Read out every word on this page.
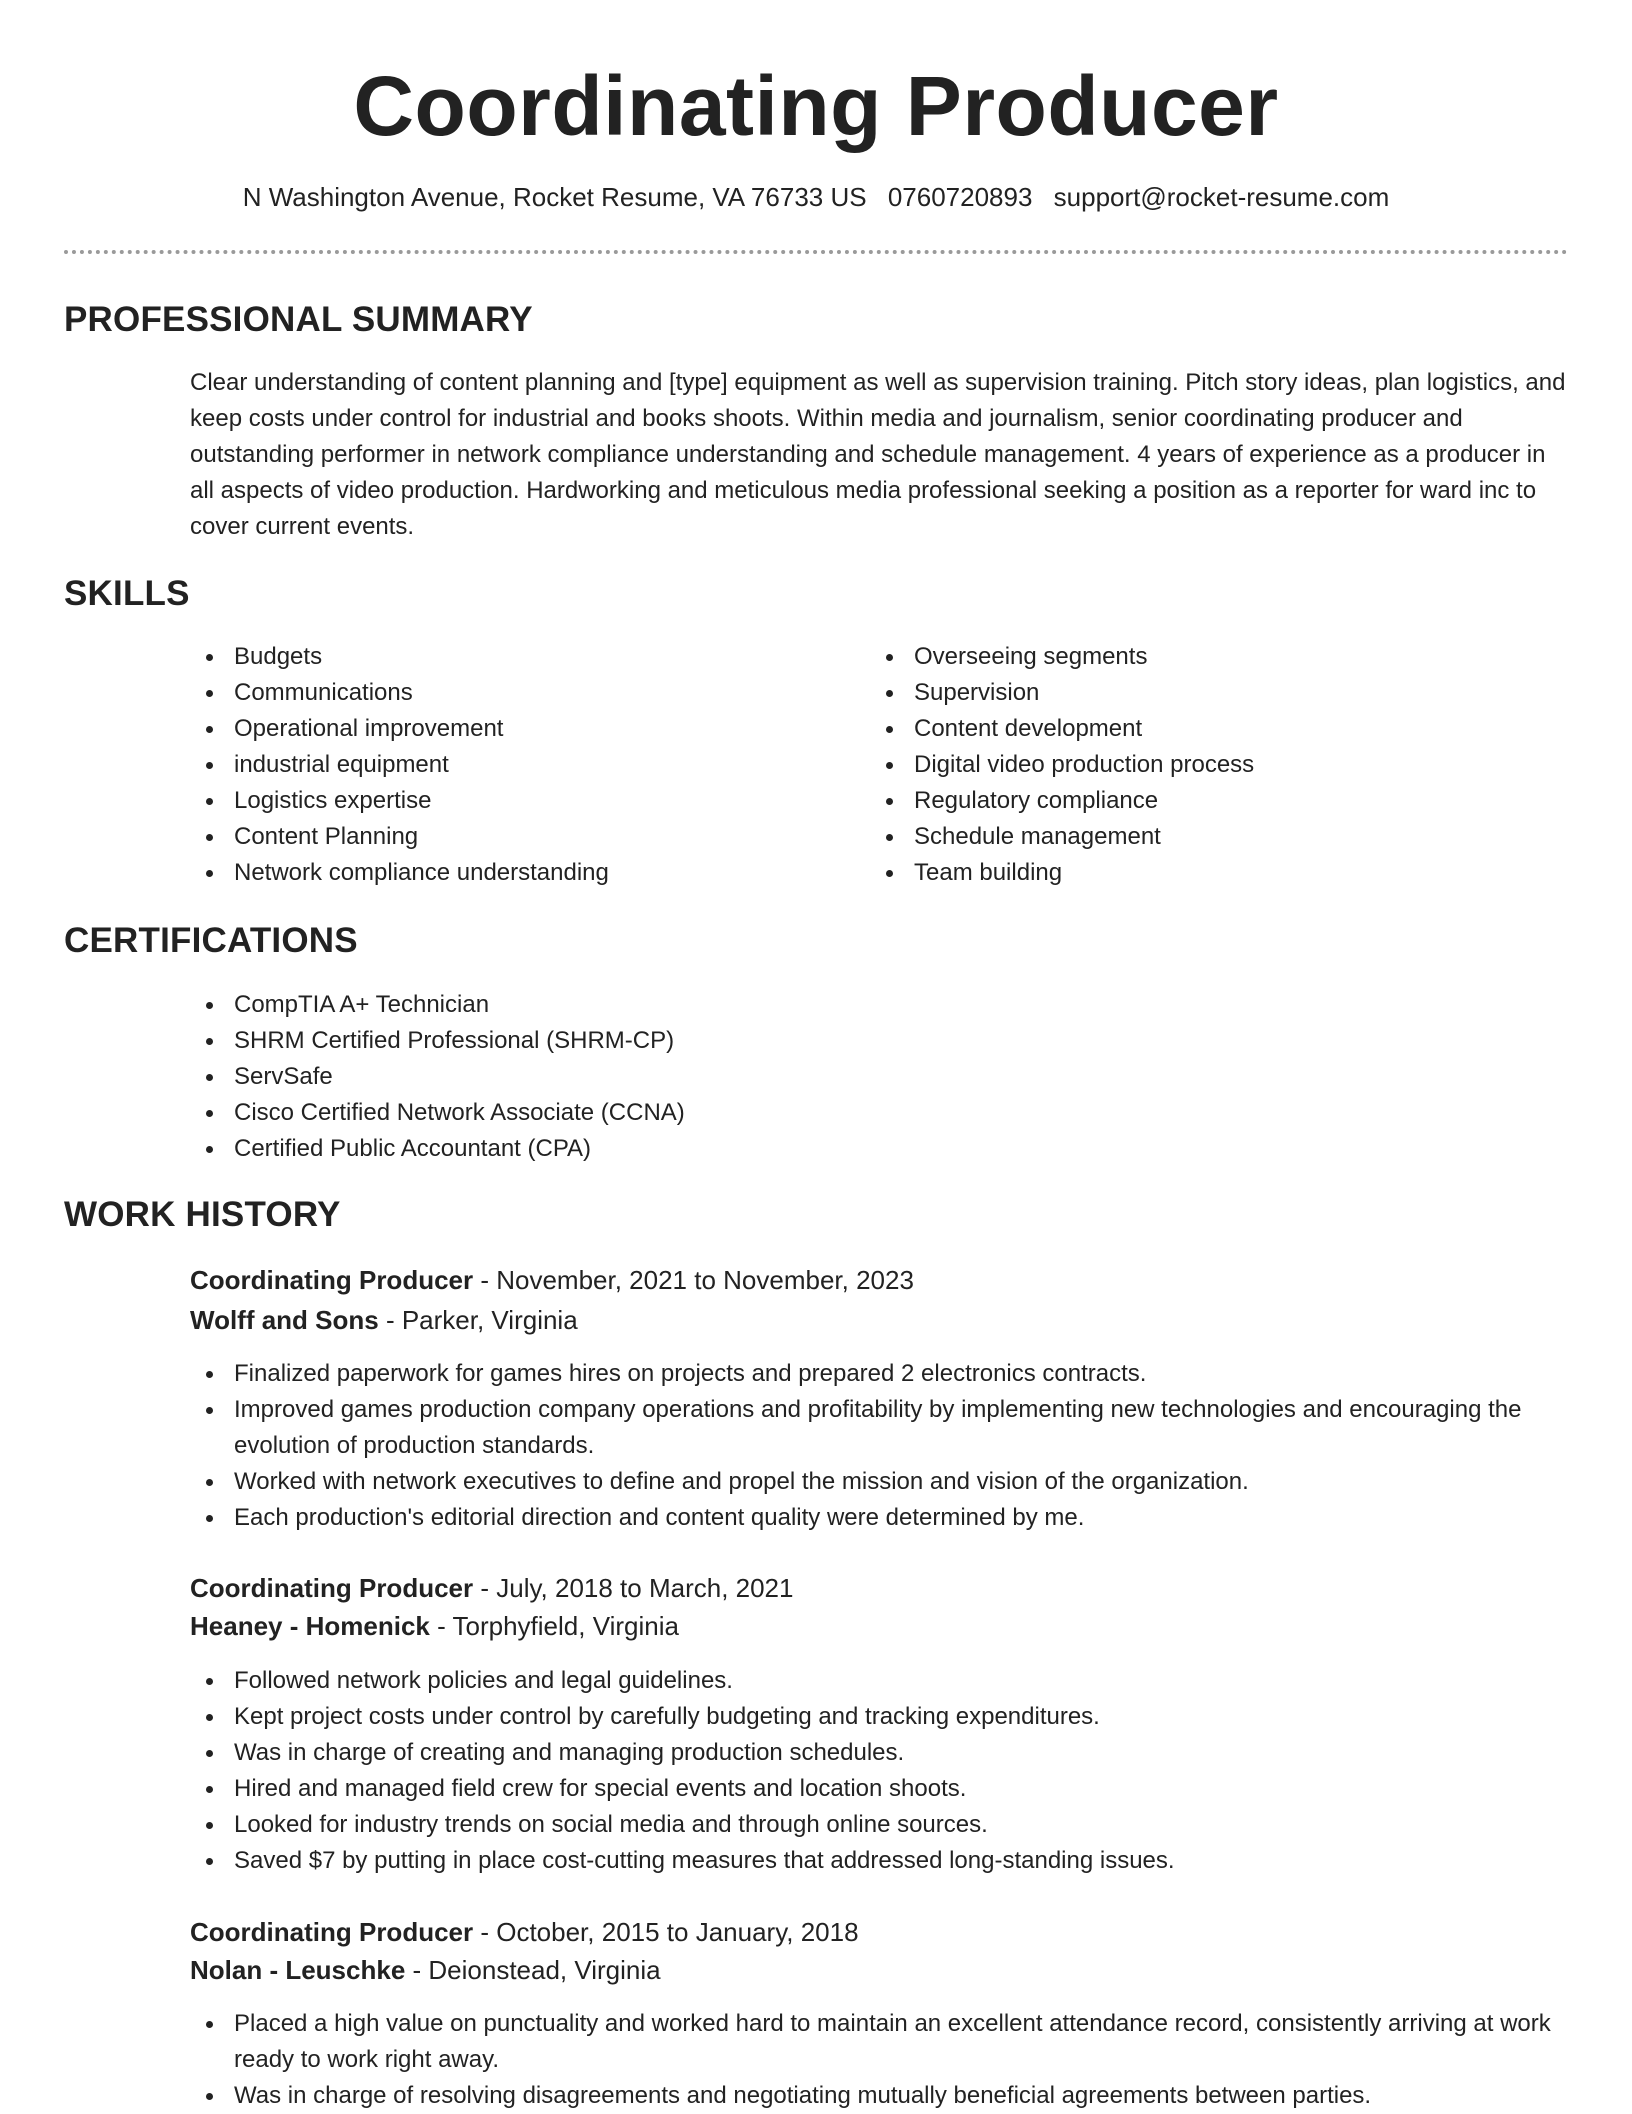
Coordinating Producer
N Washington Avenue, Rocket Resume, VA 76733 US 0760720893 support@rocket-resume.com
PROFESSIONAL SUMMARY

Clear understanding of content planning and [type] equipment as well as supervision training. Pitch story ideas, plan logistics, and keep costs under control for industrial and books shoots. Within media and journalism, senior coordinating producer and outstanding performer in network compliance understanding and schedule management. 4 years of experience as a producer in all aspects of video production. Hardworking and meticulous media professional seeking a position as a reporter for ward inc to cover current events.

SKILLS
Budgets
Communications
Operational improvement
industrial equipment
Logistics expertise
Content Planning
Network compliance understanding
Overseeing segments
Supervision
Content development
Digital video production process
Regulatory compliance
Schedule management
Team building
CERTIFICATIONS
CompTIA A+ Technician
SHRM Certified Professional (SHRM-CP)
ServSafe
Cisco Certified Network Associate (CCNA)
Certified Public Accountant (CPA)
WORK HISTORY

Coordinating Producer - November, 2021 to November, 2023

Wolff and Sons - Parker, Virginia

Finalized paperwork for games hires on projects and prepared 2 electronics contracts.
Improved games production company operations and profitability by implementing new technologies and encouraging the evolution of production standards.
Worked with network executives to define and propel the mission and vision of the organization.
Each production's editorial direction and content quality were determined by me.

Coordinating Producer - July, 2018 to March, 2021

Heaney - Homenick - Torphyfield, Virginia

Followed network policies and legal guidelines.
Kept project costs under control by carefully budgeting and tracking expenditures.
Was in charge of creating and managing production schedules.
Hired and managed field crew for special events and location shoots.
Looked for industry trends on social media and through online sources.
Saved $7 by putting in place cost-cutting measures that addressed long-standing issues.

Coordinating Producer - October, 2015 to January, 2018

Nolan - Leuschke - Deionstead, Virginia

Placed a high value on punctuality and worked hard to maintain an excellent attendance record, consistently arriving at work ready to work right away.
Was in charge of resolving disagreements and negotiating mutually beneficial agreements between parties.
